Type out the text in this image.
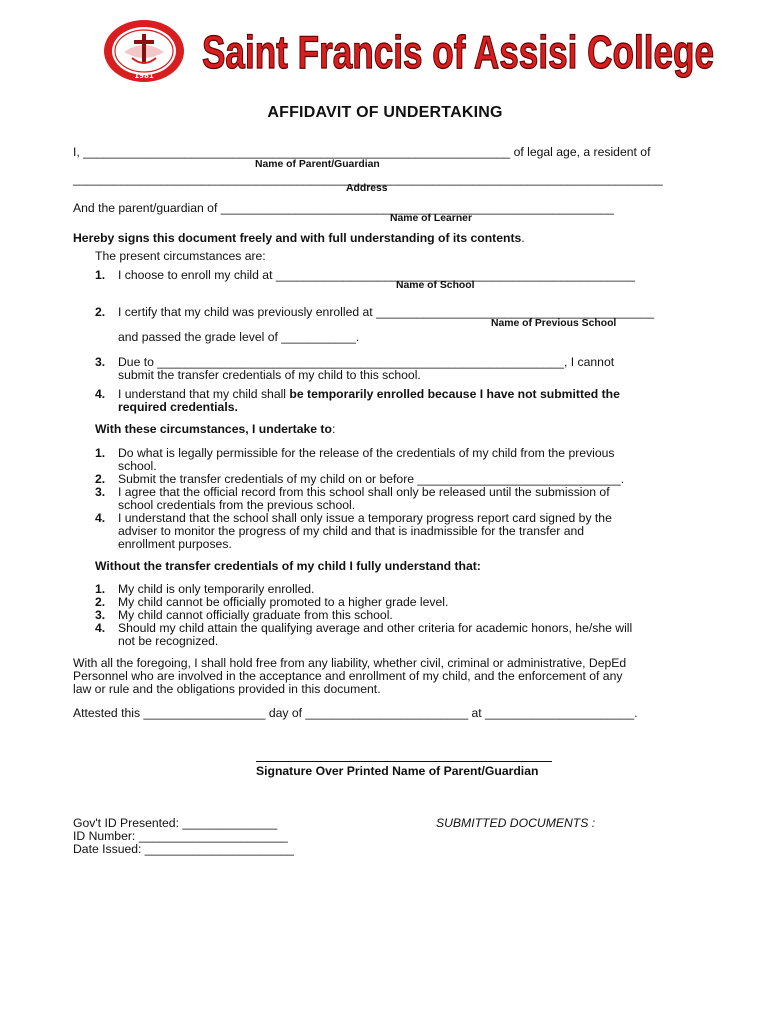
1981 Saint Francis of Assisi College
AFFIDAVIT OF UNDERTAKING
I, _______________________________________________________________ of legal age, a resident of
Name of Parent/Guardian
_______________________________________________________________________________________
Address
And the parent/guardian of __________________________________________________________
Name of Learner
Hereby signs this document freely and with full understanding of its contents.
The present circumstances are:
1. I choose to enroll my child at _____________________________________________________
Name of School
2. I certify that my child was previously enrolled at _________________________________________
Name of Previous School
and passed the grade level of ___________.
3. Due to ____________________________________________________________, I cannot
submit the transfer credentials of my child to this school.
4. I understand that my child shall be temporarily enrolled because I have not submitted the
required credentials.
With these circumstances, I undertake to:
1. Do what is legally permissible for the release of the credentials of my child from the previous
school.
2. Submit the transfer credentials of my child on or before ______________________________.
3. I agree that the official record from this school shall only be released until the submission of
school credentials from the previous school.
4. I understand that the school shall only issue a temporary progress report card signed by the
adviser to monitor the progress of my child and that is inadmissible for the transfer and
enrollment purposes.
Without the transfer credentials of my child I fully understand that:
1. My child is only temporarily enrolled.
2. My child cannot be officially promoted to a higher grade level.
3. My child cannot officially graduate from this school.
4. Should my child attain the qualifying average and other criteria for academic honors, he/she will
not be recognized.
With all the foregoing, I shall hold free from any liability, whether civil, criminal or administrative, DepEd
Personnel who are involved in the acceptance and enrollment of my child, and the enforcement of any
law or rule and the obligations provided in this document.
Attested this __________________ day of ________________________ at ______________________.
Signature Over Printed Name of Parent/Guardian
Gov't ID Presented: ______________
ID Number: ______________________
Date Issued: ______________________
SUBMITTED DOCUMENTS :
